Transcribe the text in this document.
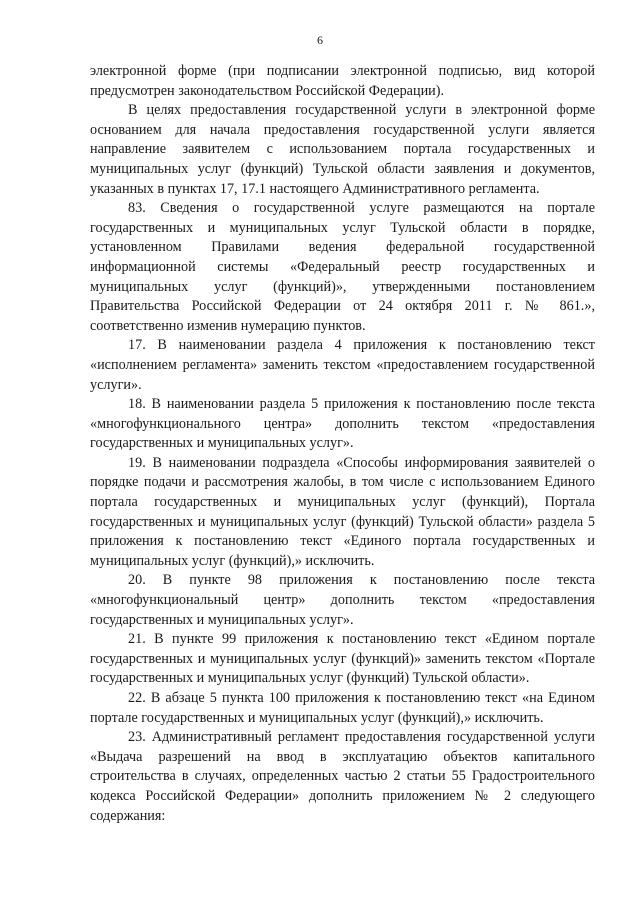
6

электронной форме (при подписании электронной подписью, вид которой предусмотрен законодательством Российской Федерации).

В целях предоставления государственной услуги в электронной форме основанием для начала предоставления государственной услуги является направление заявителем с использованием портала государственных и муниципальных услуг (функций) Тульской области заявления и документов, указанных в пунктах 17, 17.1 настоящего Административного регламента.

83. Сведения о государственной услуге размещаются на портале государственных и муниципальных услуг Тульской области в порядке, установленном Правилами ведения федеральной государственной информационной системы «Федеральный реестр государственных и муниципальных услуг (функций)», утвержденными постановлением Правительства Российской Федерации от 24 октября 2011 г. № 861.», соответственно изменив нумерацию пунктов.

17. В наименовании раздела 4 приложения к постановлению текст «исполнением регламента» заменить текстом «предоставлением государственной услуги».

18. В наименовании раздела 5 приложения к постановлению после текста «многофункционального центра» дополнить текстом «предоставления государственных и муниципальных услуг».

19. В наименовании подраздела «Способы информирования заявителей о порядке подачи и рассмотрения жалобы, в том числе с использованием Единого портала государственных и муниципальных услуг (функций), Портала государственных и муниципальных услуг (функций) Тульской области» раздела 5 приложения к постановлению текст «Единого портала государственных и муниципальных услуг (функций),» исключить.

20. В пункте 98 приложения к постановлению после текста «многофункциональный центр» дополнить текстом «предоставления государственных и муниципальных услуг».

21. В пункте 99 приложения к постановлению текст «Едином портале государственных и муниципальных услуг (функций)» заменить текстом «Портале государственных и муниципальных услуг (функций) Тульской области».

22. В абзаце 5 пункта 100 приложения к постановлению текст «на Едином портале государственных и муниципальных услуг (функций),» исключить.

23. Административный регламент предоставления государственной услуги «Выдача разрешений на ввод в эксплуатацию объектов капитального строительства в случаях, определенных частью 2 статьи 55 Градостроительного кодекса Российской Федерации» дополнить приложением № 2 следующего содержания:
